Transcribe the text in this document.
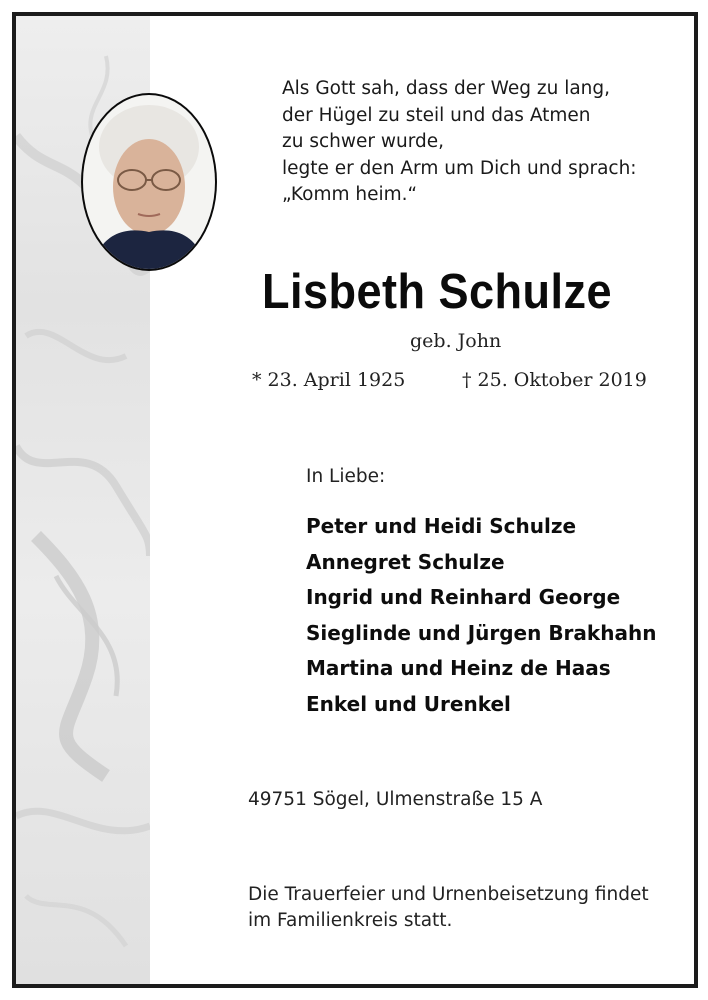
Als Gott sah, dass der Weg zu lang,
der Hügel zu steil und das Atmen
zu schwer wurde,
legte er den Arm um Dich und sprach:
„Komm heim.“
Lisbeth Schulze
geb. John
* 23. April 1925	† 25. Oktober 2019
In Liebe:
Peter und Heidi Schulze
Annegret Schulze
Ingrid und Reinhard George
Sieglinde und Jürgen Brakhahn
Martina und Heinz de Haas
Enkel und Urenkel
49751 Sögel, Ulmenstraße 15 A
Die Trauerfeier und Urnenbeisetzung findet
im Familienkreis statt.
